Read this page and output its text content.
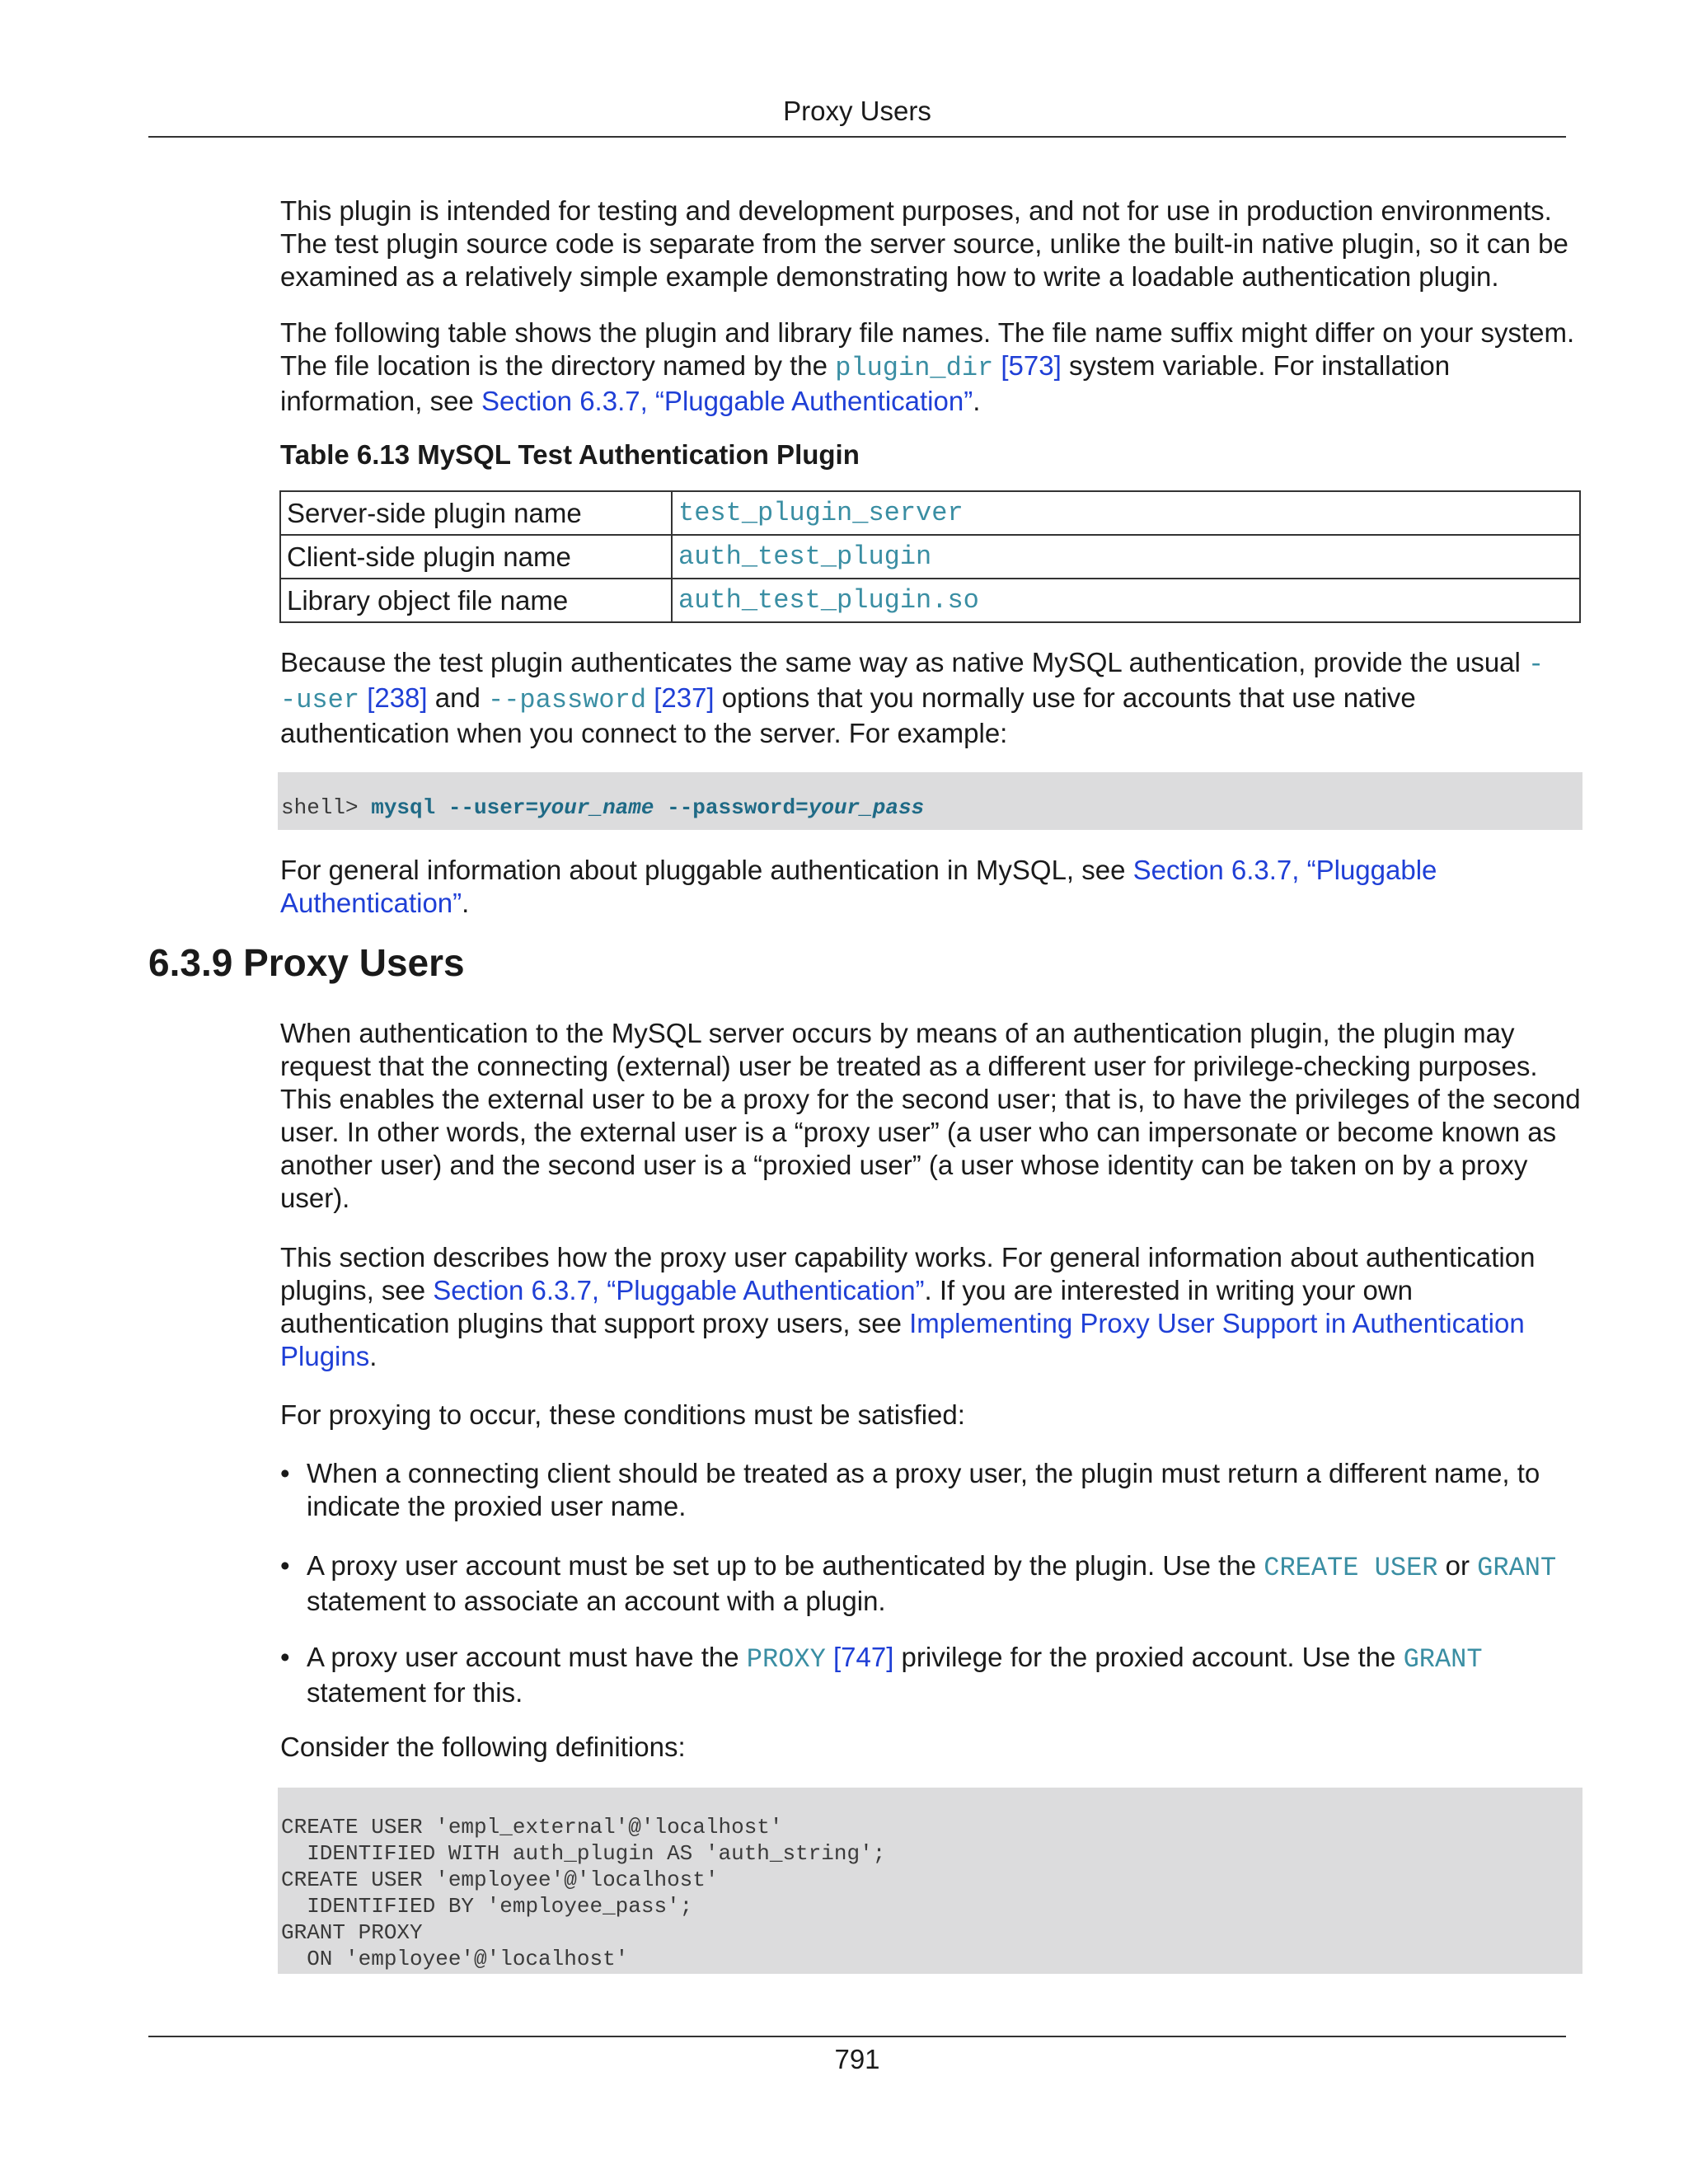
Proxy Users

This plugin is intended for testing and development purposes, and not for use in production environments. The test plugin source code is separate from the server source, unlike the built-in native plugin, so it can be examined as a relatively simple example demonstrating how to write a loadable authentication plugin.

The following table shows the plugin and library file names. The file name suffix might differ on your system. The file location is the directory named by the plugin_dir [573] system variable. For installation information, see Section 6.3.7, “Pluggable Authentication”.

Table 6.13 MySQL Test Authentication Plugin
Server-side plugin name	test_plugin_server
Client-side plugin name	auth_test_plugin
Library object file name	auth_test_plugin.so

Because the test plugin authenticates the same way as native MySQL authentication, provide the usual --user [238] and --password [237] options that you normally use for accounts that use native authentication when you connect to the server. For example:

shell> mysql --user=your_name --password=your_pass

For general information about pluggable authentication in MySQL, see Section 6.3.7, “Pluggable Authentication”.

6.3.9 Proxy Users

When authentication to the MySQL server occurs by means of an authentication plugin, the plugin may request that the connecting (external) user be treated as a different user for privilege-checking purposes. This enables the external user to be a proxy for the second user; that is, to have the privileges of the second user. In other words, the external user is a “proxy user” (a user who can impersonate or become known as another user) and the second user is a “proxied user” (a user whose identity can be taken on by a proxy user).

This section describes how the proxy user capability works. For general information about authentication plugins, see Section 6.3.7, “Pluggable Authentication”. If you are interested in writing your own authentication plugins that support proxy users, see Implementing Proxy User Support in Authentication Plugins.

For proxying to occur, these conditions must be satisfied:

• When a connecting client should be treated as a proxy user, the plugin must return a different name, to indicate the proxied user name.
• A proxy user account must be set up to be authenticated by the plugin. Use the CREATE USER or GRANT statement to associate an account with a plugin.
• A proxy user account must have the PROXY [747] privilege for the proxied account. Use the GRANT statement for this.

Consider the following definitions:

CREATE USER 'empl_external'@'localhost'
IDENTIFIED WITH auth_plugin AS 'auth_string';
CREATE USER 'employee'@'localhost'
IDENTIFIED BY 'employee_pass';
GRANT PROXY
ON 'employee'@'localhost'
791
